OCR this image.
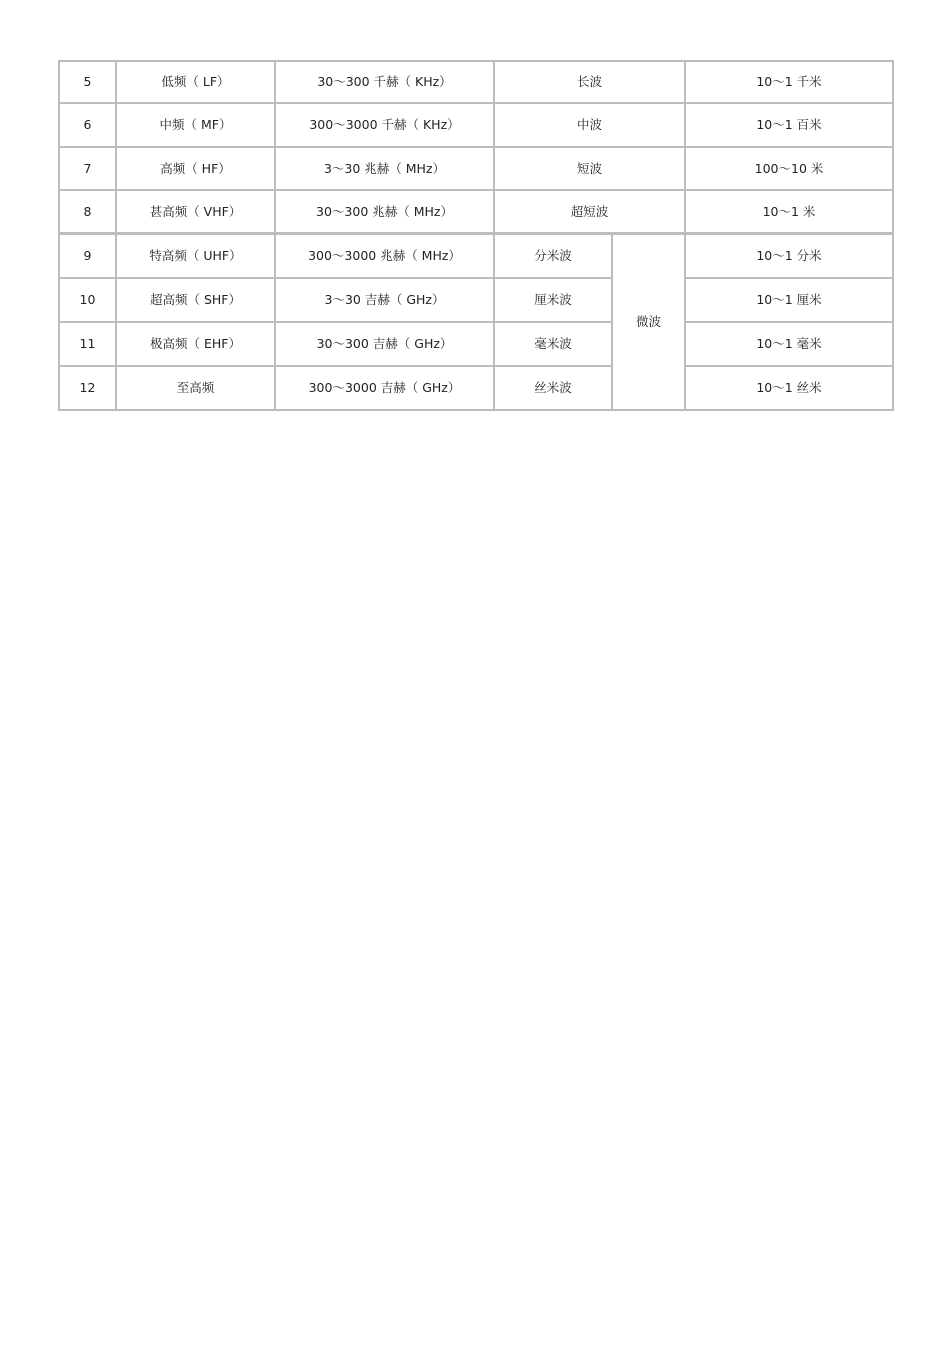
5	低频（ LF）	30～300 千赫（ KHz）	长波		10～1 千米
6	中频（ MF）	300～3000 千赫（ KHz）	中波		10～1 百米
7	高频（ HF）	3～30 兆赫（ MHz）	短波		100～10 米
8	甚高频（ VHF）	30～300 兆赫（ MHz）	超短波		10～1 米
9	特高频（ UHF）	300～3000 兆赫（ MHz）	分米波	微波	10～1 分米
10	超高频（ SHF）	3～30 吉赫（ GHz）	厘米波		10～1 厘米
11	极高频（ EHF）	30～300 吉赫（ GHz）	毫米波		10～1 毫米
12	至高频	300～3000 吉赫（ GHz）	丝米波		10～1 丝米
